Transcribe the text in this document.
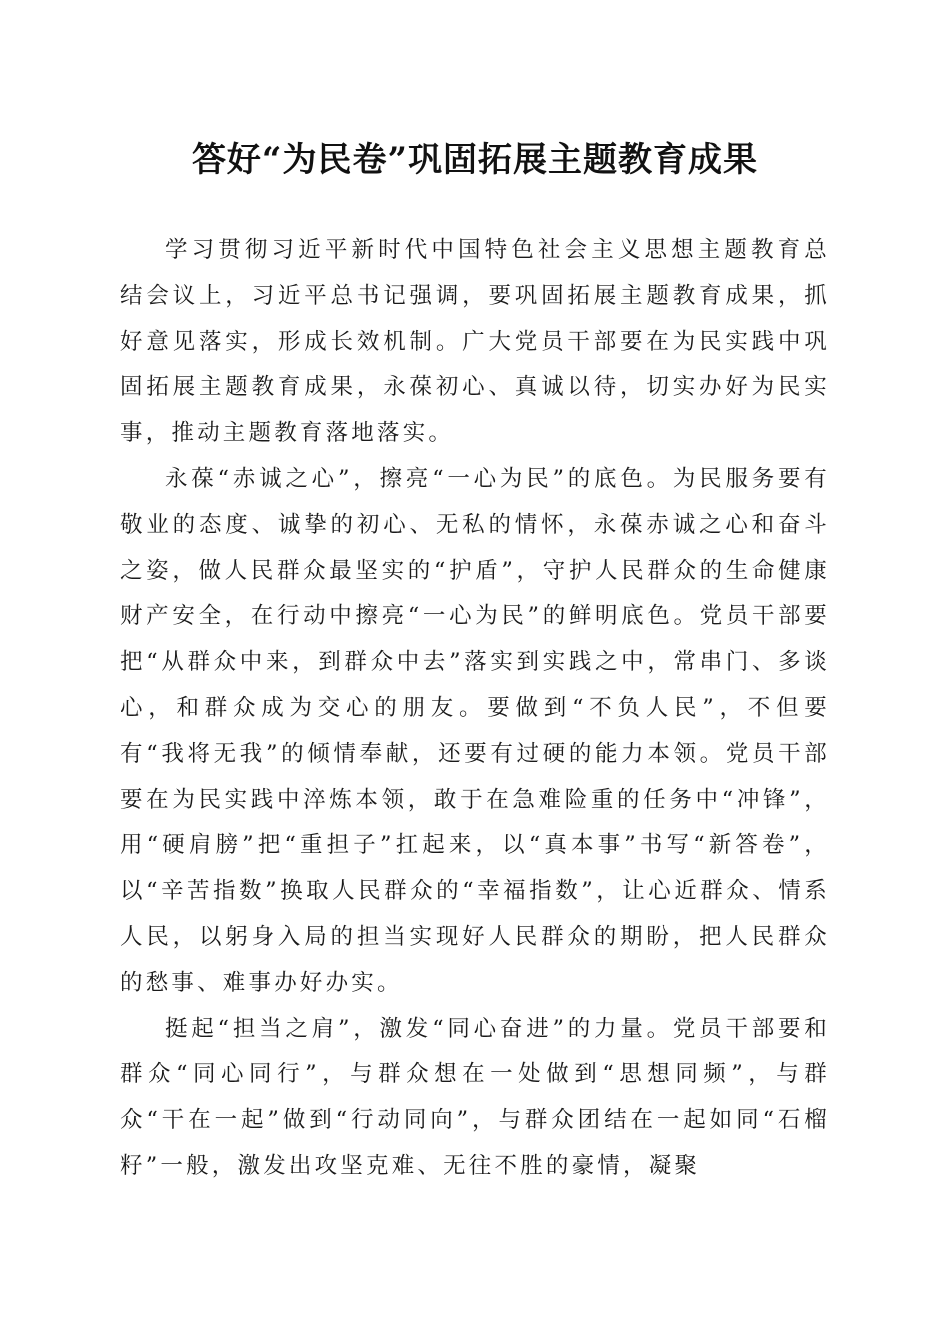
答好“为民卷”巩固拓展主题教育成果

学习贯彻习近平新时代中国特色社会主义思想主题教育总结会议上，习近平总书记强调，要巩固拓展主题教育成果，抓好意见落实，形成长效机制。广大党员干部要在为民实践中巩固拓展主题教育成果，永葆初心、真诚以待，切实办好为民实事，推动主题教育落地落实。

永葆“赤诚之心”，擦亮“一心为民”的底色。为民服务要有敬业的态度、诚挚的初心、无私的情怀，永葆赤诚之心和奋斗之姿，做人民群众最坚实的“护盾”，守护人民群众的生命健康财产安全，在行动中擦亮“一心为民”的鲜明底色。党员干部要把“从群众中来，到群众中去”落实到实践之中，常串门、多谈心，和群众成为交心的朋友。要做到“不负人民”，不但要有“我将无我”的倾情奉献，还要有过硬的能力本领。党员干部要在为民实践中淬炼本领，敢于在急难险重的任务中“冲锋”，用“硬肩膀”把“重担子”扛起来，以“真本事”书写“新答卷”，以“辛苦指数”换取人民群众的“幸福指数”，让心近群众、情系人民，以躬身入局的担当实现好人民群众的期盼，把人民群众的愁事、难事办好办实。

挺起“担当之肩”，激发“同心奋进”的力量。党员干部要和群众“同心同行”，与群众想在一处做到“思想同频”，与群众“干在一起”做到“行动同向”，与群众团结在一起如同“石榴籽”一般，激发出攻坚克难、无往不胜的豪情，凝聚
